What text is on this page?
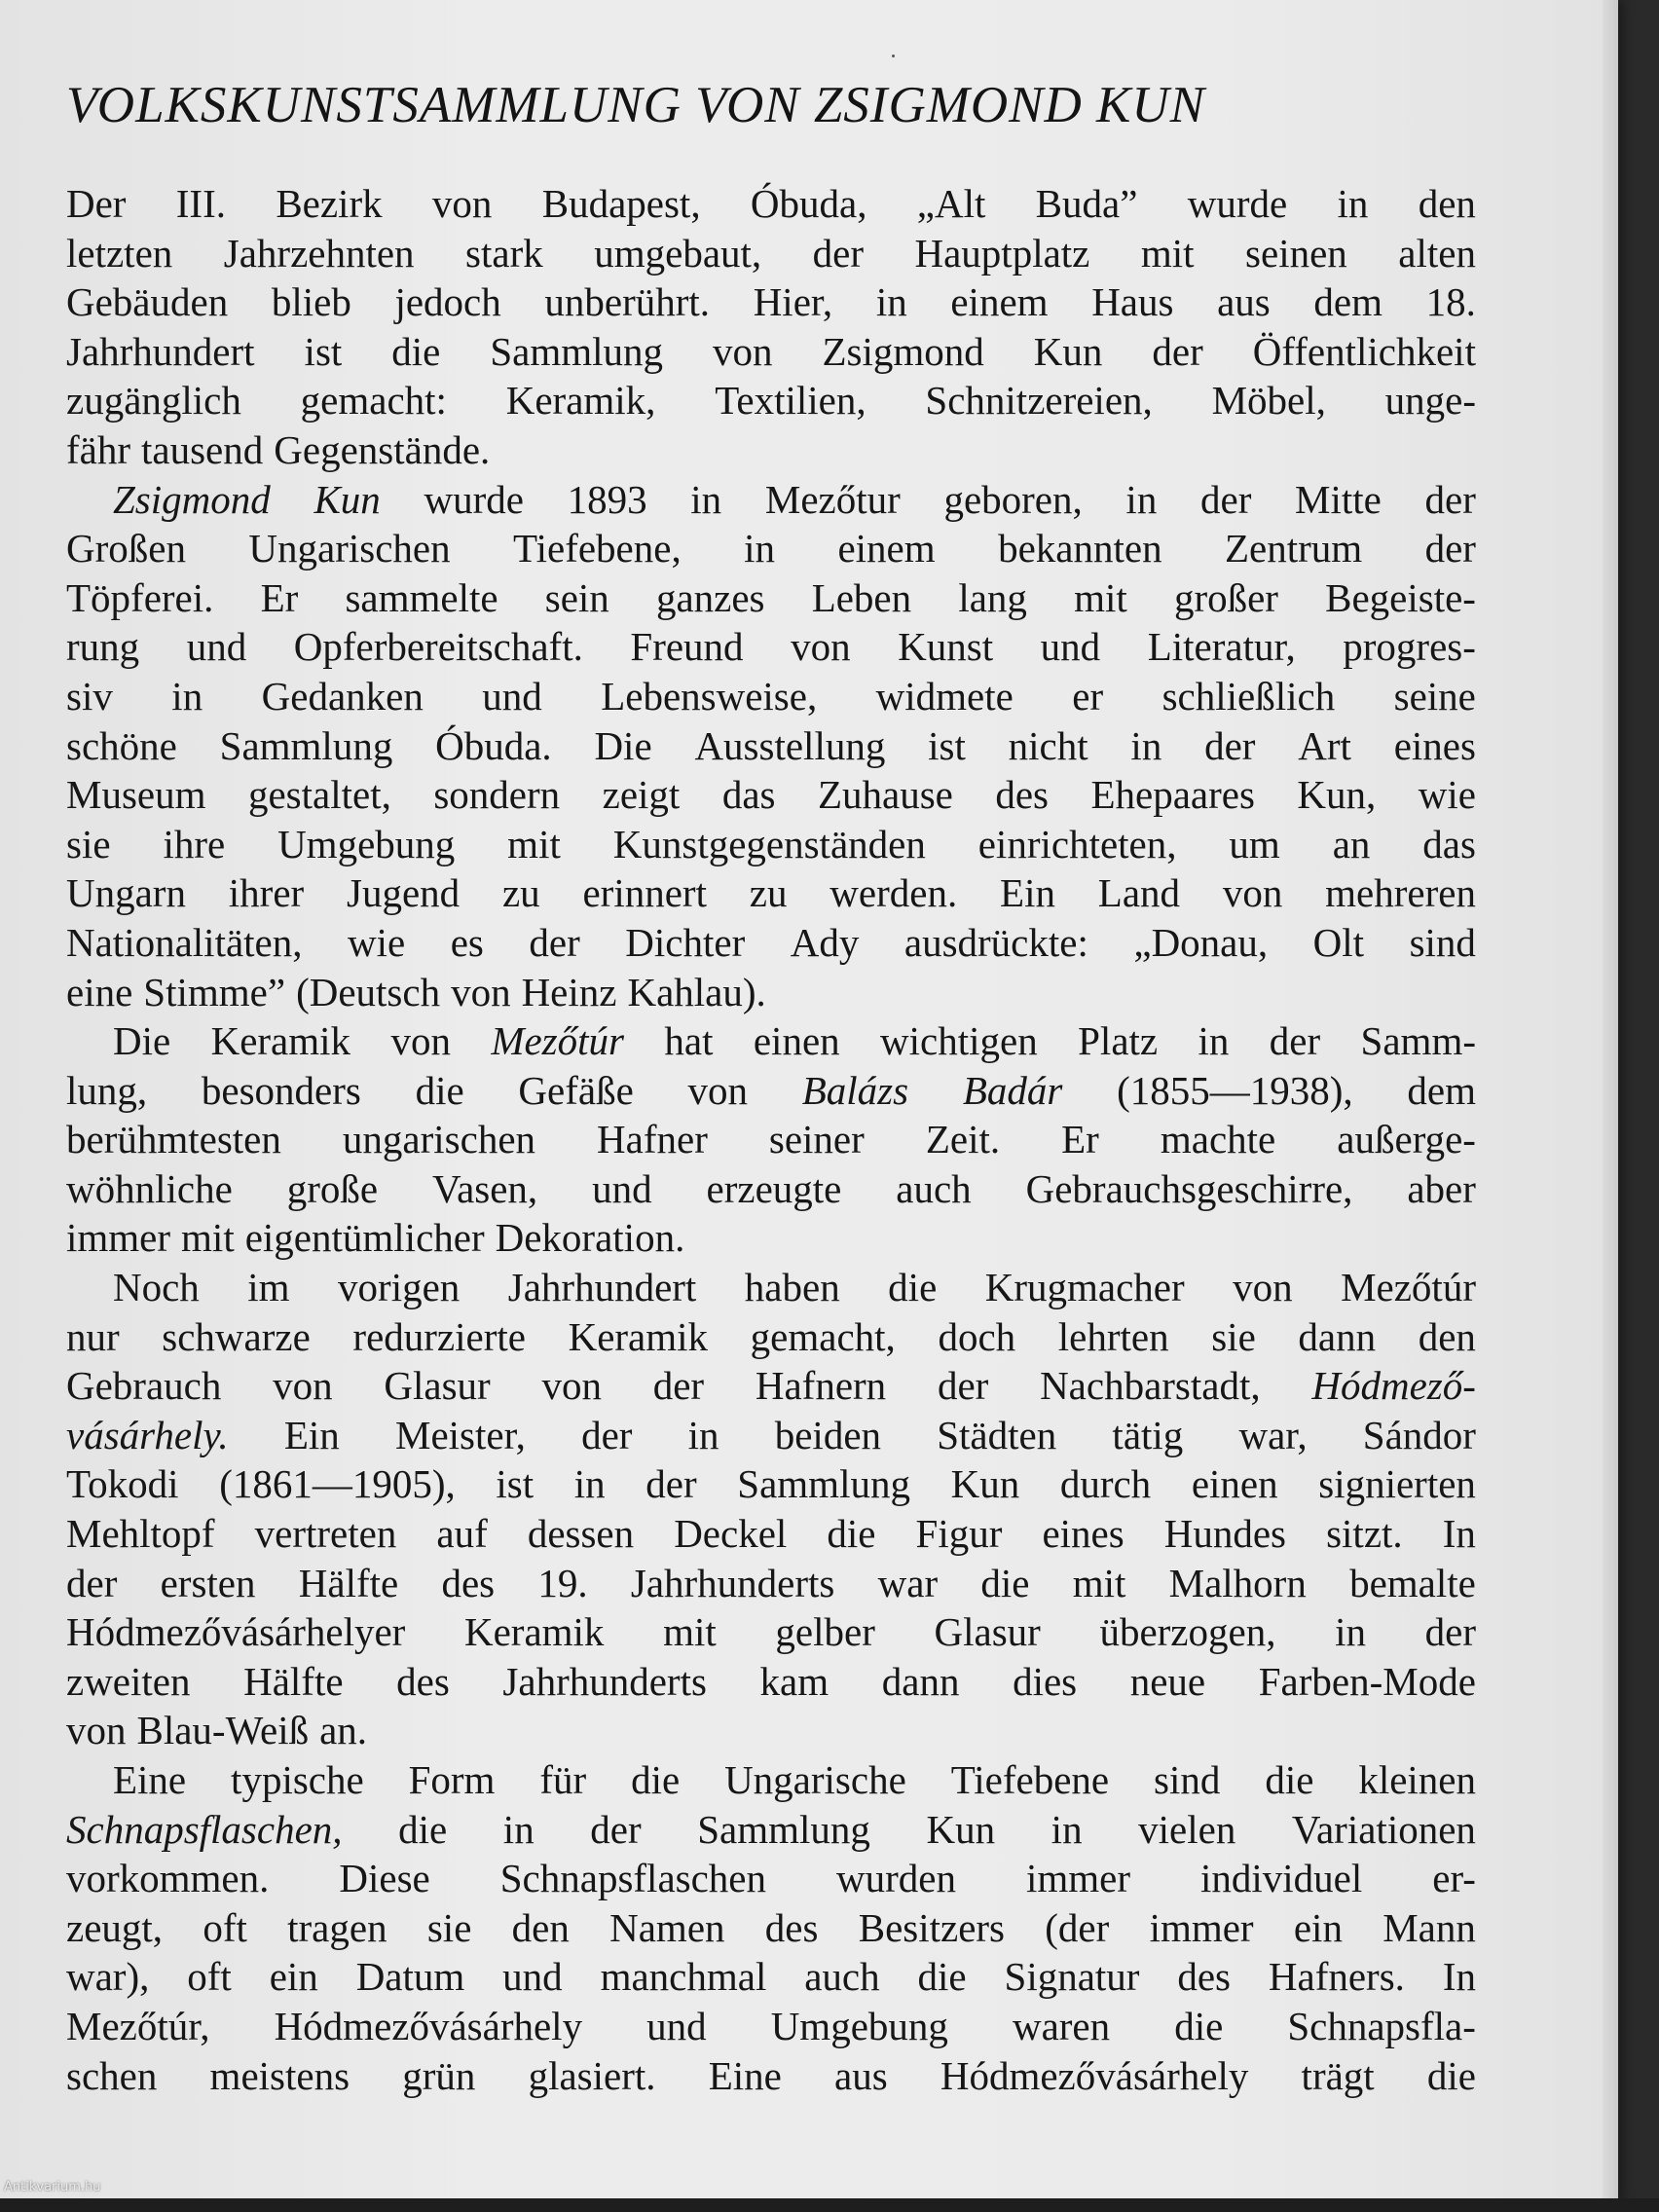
VOLKSKUNSTSAMMLUNG VON ZSIGMOND KUN
Der III. Bezirk von Budapest, Óbuda, „Alt Buda” wurde in den
letzten Jahrzehnten stark umgebaut, der Hauptplatz mit seinen alten
Gebäuden blieb jedoch unberührt. Hier, in einem Haus aus dem 18.
Jahrhundert ist die Sammlung von Zsigmond Kun der Öffentlichkeit
zugänglich gemacht: Keramik, Textilien, Schnitzereien, Möbel, unge-
fähr tausend Gegenstände.
Zsigmond Kun wurde 1893 in Mezőtur geboren, in der Mitte der
Großen Ungarischen Tiefebene, in einem bekannten Zentrum der
Töpferei. Er sammelte sein ganzes Leben lang mit großer Begeiste-
rung und Opferbereitschaft. Freund von Kunst und Literatur, progres-
siv in Gedanken und Lebensweise, widmete er schließlich seine
schöne Sammlung Óbuda. Die Ausstellung ist nicht in der Art eines
Museum gestaltet, sondern zeigt das Zuhause des Ehepaares Kun, wie
sie ihre Umgebung mit Kunstgegenständen einrichteten, um an das
Ungarn ihrer Jugend zu erinnert zu werden. Ein Land von mehreren
Nationalitäten, wie es der Dichter Ady ausdrückte: „Donau, Olt sind
eine Stimme” (Deutsch von Heinz Kahlau).
Die Keramik von Mezőtúr hat einen wichtigen Platz in der Samm-
lung, besonders die Gefäße von Balázs Badár (1855—1938), dem
berühmtesten ungarischen Hafner seiner Zeit. Er machte außerge-
wöhnliche große Vasen, und erzeugte auch Gebrauchsgeschirre, aber
immer mit eigentümlicher Dekoration.
Noch im vorigen Jahrhundert haben die Krugmacher von Mezőtúr
nur schwarze redurzierte Keramik gemacht, doch lehrten sie dann den
Gebrauch von Glasur von der Hafnern der Nachbarstadt, Hódmező-
vásárhely. Ein Meister, der in beiden Städten tätig war, Sándor
Tokodi (1861—1905), ist in der Sammlung Kun durch einen signierten
Mehltopf vertreten auf dessen Deckel die Figur eines Hundes sitzt. In
der ersten Hälfte des 19. Jahrhunderts war die mit Malhorn bemalte
Hódmezővásárhelyer Keramik mit gelber Glasur überzogen, in der
zweiten Hälfte des Jahrhunderts kam dann dies neue Farben-Mode
von Blau-Weiß an.
Eine typische Form für die Ungarische Tiefebene sind die kleinen
Schnapsflaschen, die in der Sammlung Kun in vielen Variationen
vorkommen. Diese Schnapsflaschen wurden immer individuel er-
zeugt, oft tragen sie den Namen des Besitzers (der immer ein Mann
war), oft ein Datum und manchmal auch die Signatur des Hafners. In
Mezőtúr, Hódmezővásárhely und Umgebung waren die Schnapsfla-
schen meistens grün glasiert. Eine aus Hódmezővásárhely trägt die
Antikvarium.hu
